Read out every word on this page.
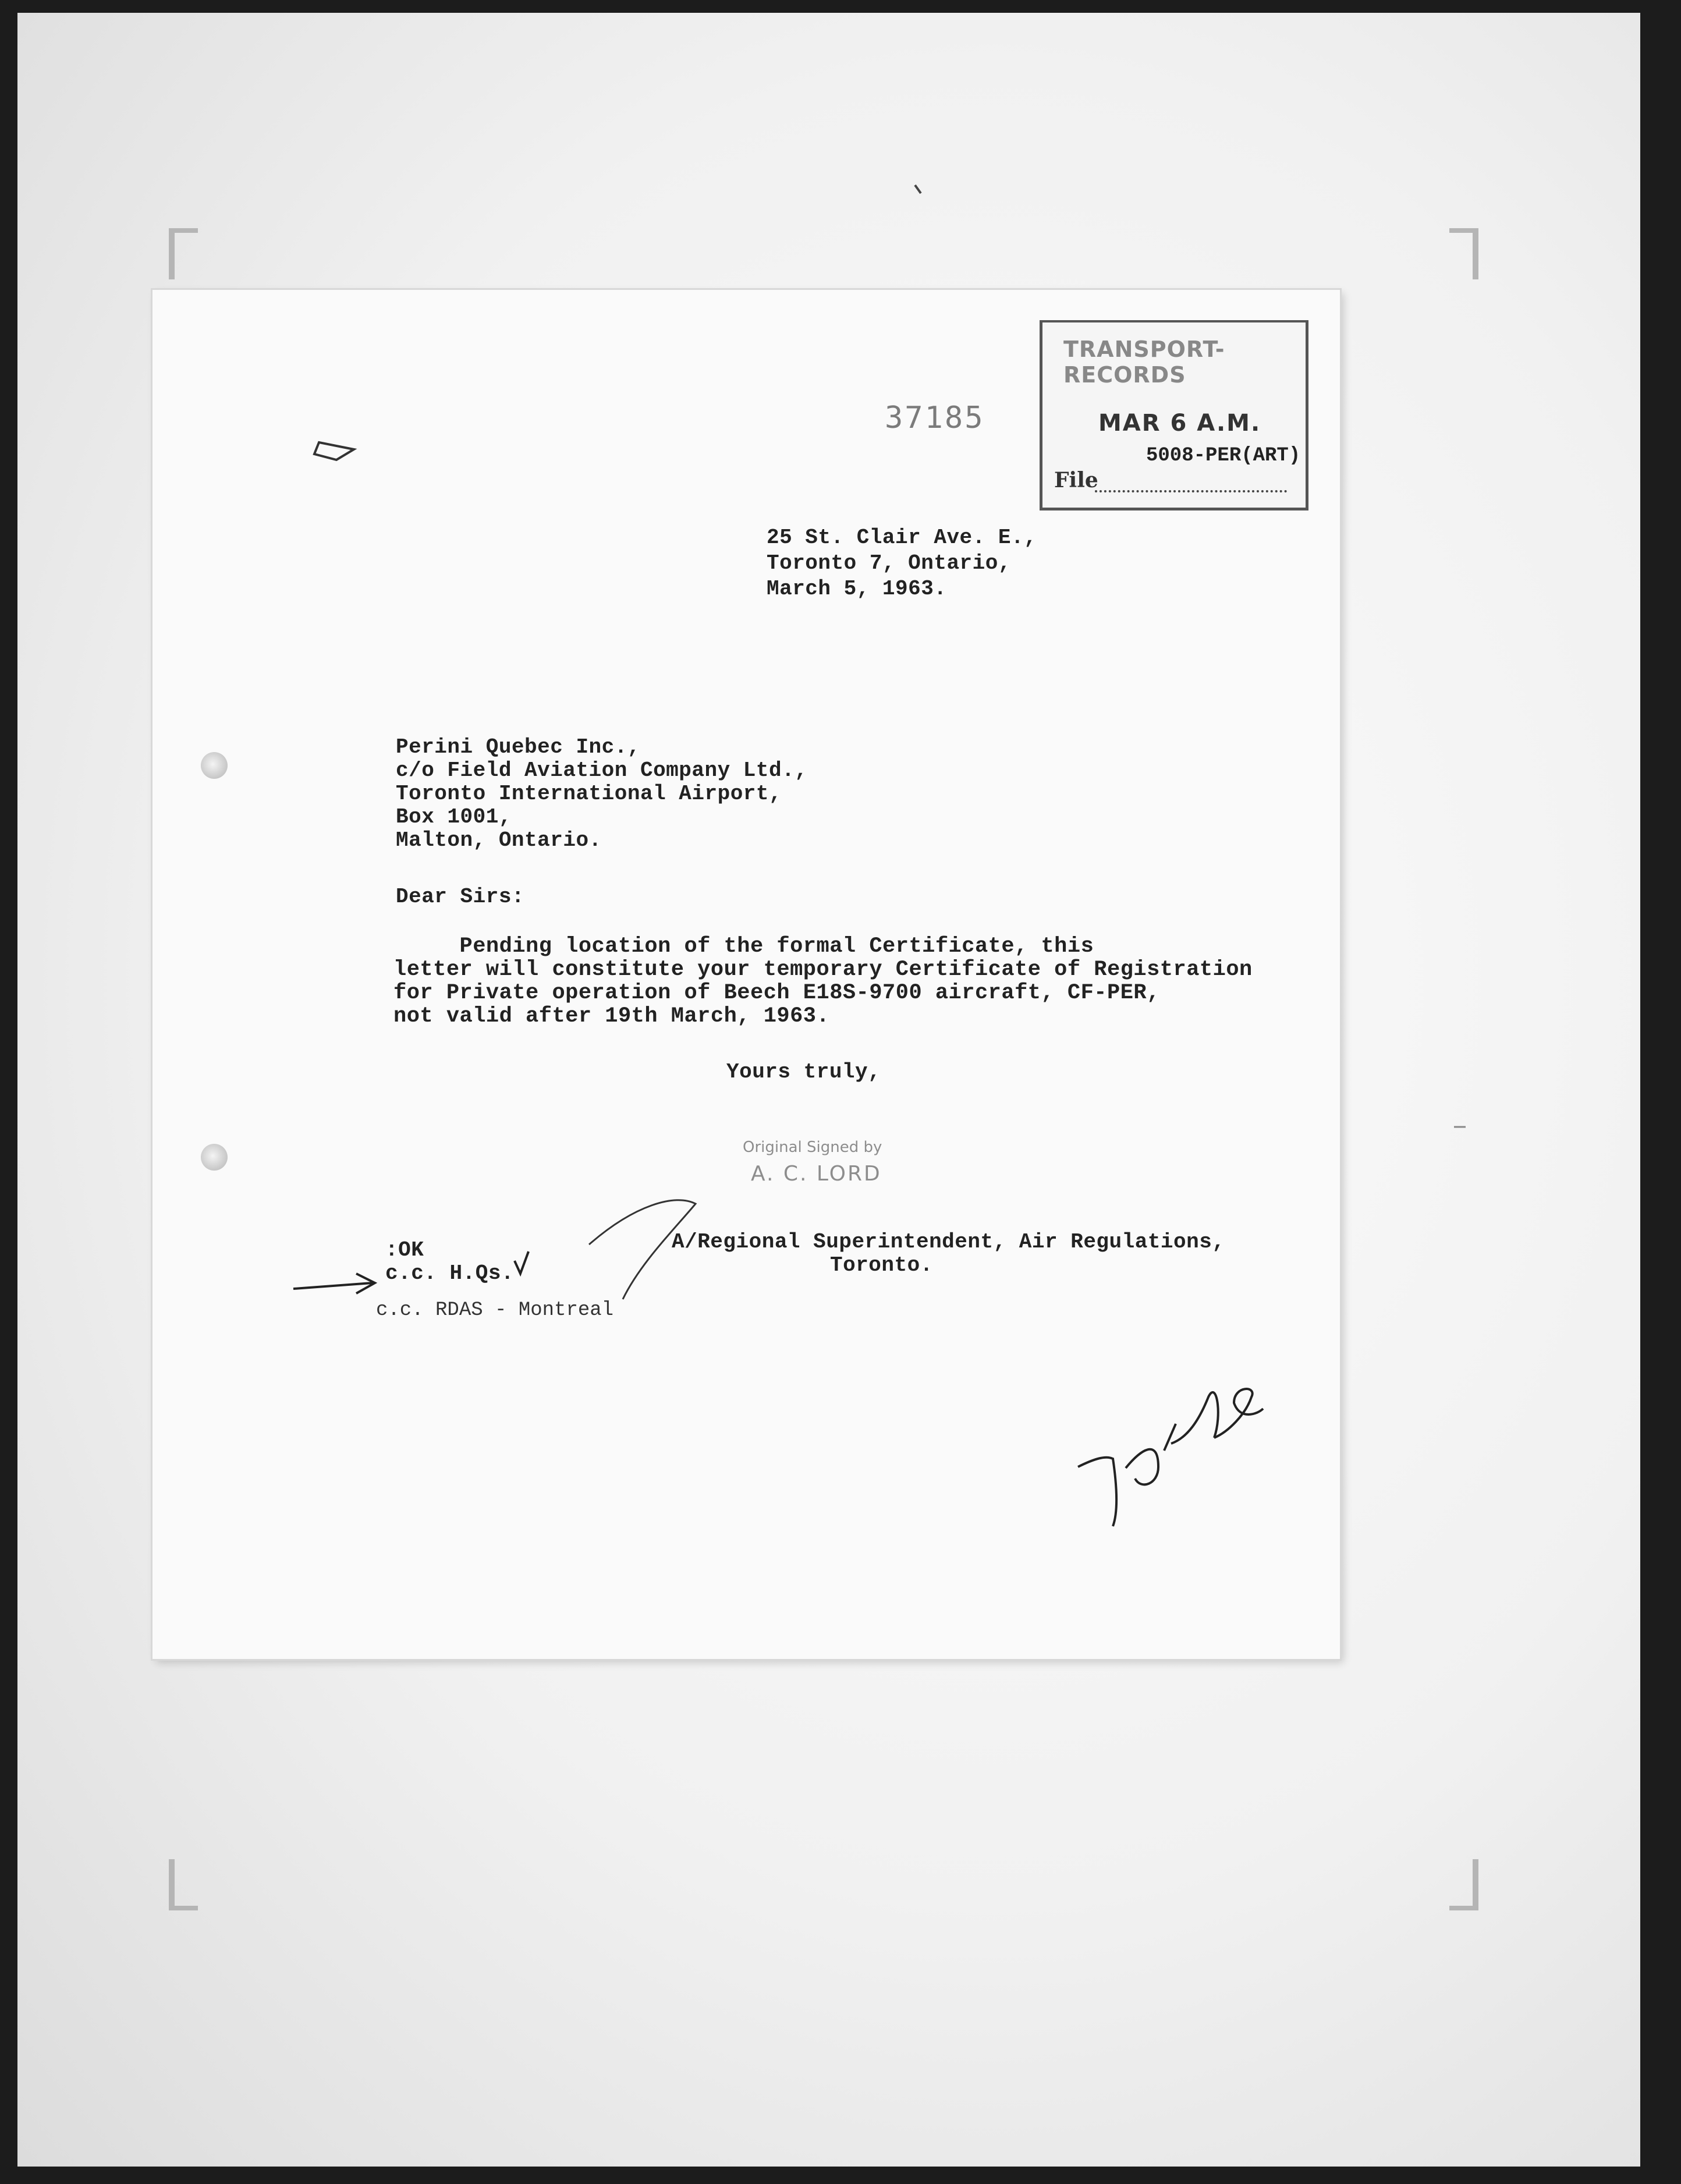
37185
TRANSPORT-RECORDS
MAR 6 A.M.
5008-PER(ART)
File
25 St. Clair Ave. E.,
Toronto 7, Ontario,
March 5, 1963.
Perini Quebec Inc.,
c/o Field Aviation Company Ltd.,
Toronto International Airport,
Box 1001,
Malton, Ontario.
Dear Sirs:
Pending location of the formal Certificate, this
letter will constitute your temporary Certificate of Registration
for Private operation of Beech E18S-9700 aircraft, CF-PER,
not valid after 19th March, 1963.
Yours truly,
Original Signed by
A. C. LORD
A/Regional Superintendent, Air Regulations,
Toronto.
:OK
c.c. H.Qs.
c.c. RDAS - Montreal
